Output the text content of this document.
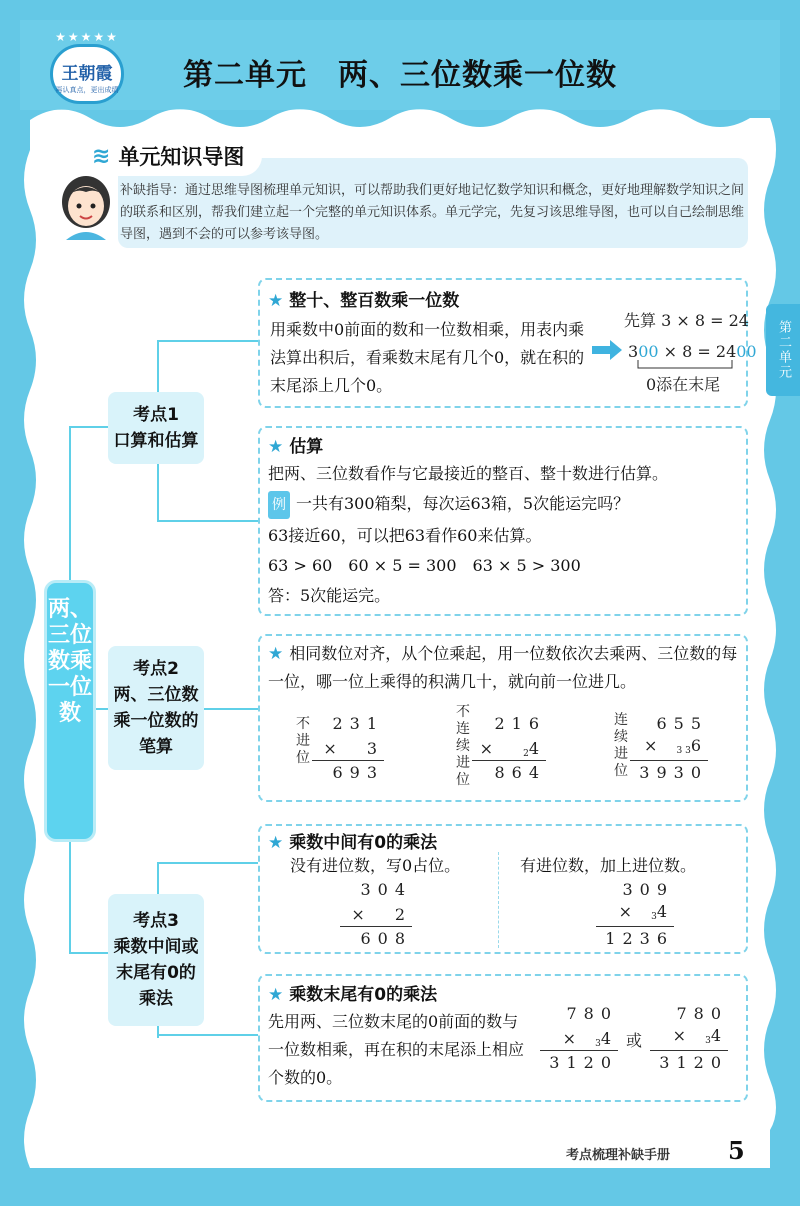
★★★★★
王朝霞
再认真点，更出成绩	第二单元　两、三位数乘一位数
第二单元
≋ 单元知识导图
补缺指导：通过思维导图梳理单元知识，可以帮助我们更好地记忆数学知识和概念，更好地理解数学知识之间的联系和区别，帮我们建立起一个完整的单元知识体系。单元学完，先复习该思维导图，也可以自己绘制思维导图，遇到不会的可以参考该导图。
两、三位数乘一位数
考点1
口算和估算
考点2
两、三位数
乘一位数的
笔算
考点3
乘数中间或
末尾有0的
乘法
★ 整十、整百数乘一位数
用乘数中0前面的数和一位数相乘，用表内乘法算出积后，看乘数末尾有几个0，就在积的末尾添上几个0。
先算 3 × 8 = 24
300 × 8 = 2400
0添在末尾
★ 估算
把两、三位数看作与它最接近的整百、整十数进行估算。
例 一共有300箱梨，每次运63箱，5次能运完吗？
63接近60，可以把63看作60来估算。
63 > 60　60 × 5 = 300　63 × 5 > 300
答：5次能运完。
★ 相同数位对齐，从个位乘起，用一位数依次去乘两、三位数的每一位，哪一位上乘得的积满几十，就向前一位进几。
不进位
231
×　 3
693
不连续进位
216
×　	24
864
连续进位
655
× 3 36
3930
★ 乘数中间有0的乘法
没有进位数，写0占位。	有进位数，加上进位数。
304
×　 2
608
309
× 34
1236
★ 乘数末尾有0的乘法
先用两、三位数末尾的0前面的数与一位数相乘，再在积的末尾添上相应个数的0。
780
× 34　
3120
或
780
× 34
3120
考点梳理补缺手册 5
